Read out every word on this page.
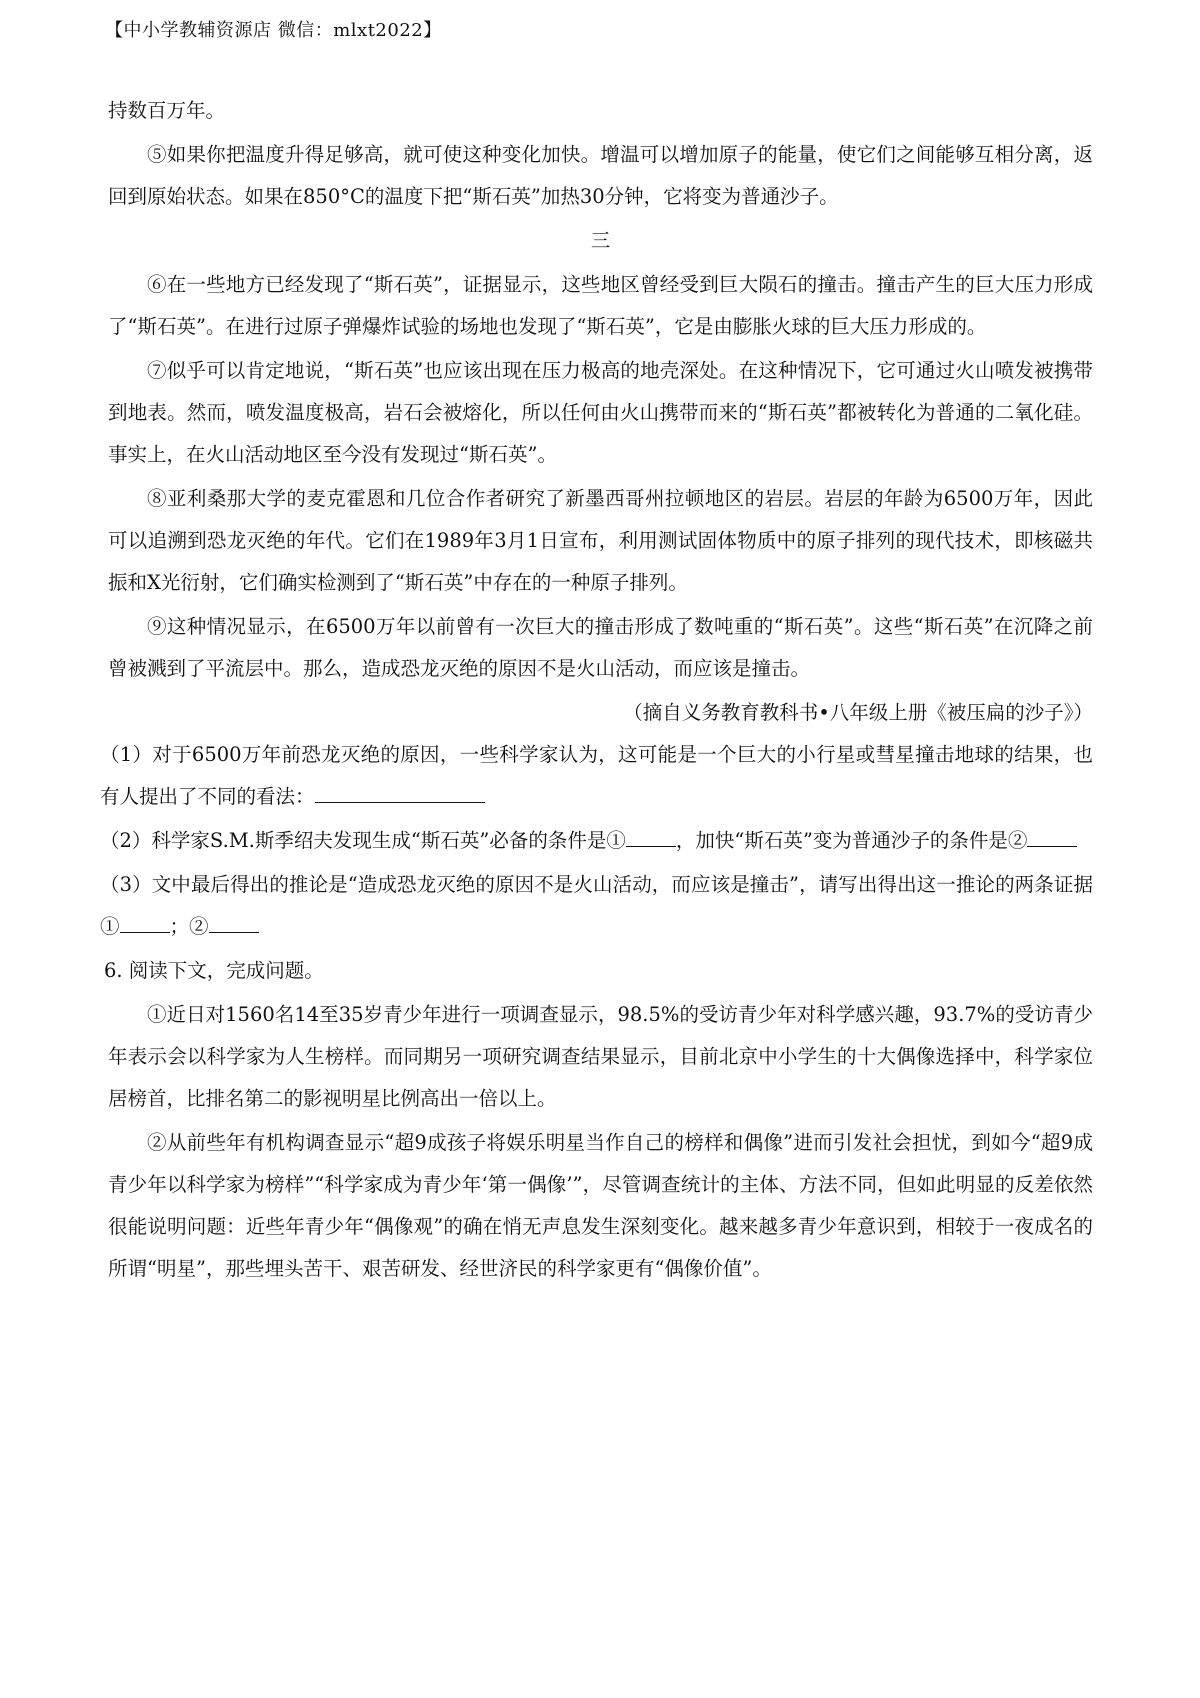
【中小学教辅资源店 微信：mlxt2022】

持数百万年。

⑤如果你把温度升得足够高，就可使这种变化加快。增温可以增加原子的能量，使它们之间能够互相分离，返回到原始状态。如果在850°C的温度下把“斯石英”加热30分钟，它将变为普通沙子。

三

⑥在一些地方已经发现了“斯石英”，证据显示，这些地区曾经受到巨大陨石的撞击。撞击产生的巨大压力形成了“斯石英”。在进行过原子弹爆炸试验的场地也发现了“斯石英”，它是由膨胀火球的巨大压力形成的。

⑦似乎可以肯定地说，“斯石英”也应该出现在压力极高的地壳深处。在这种情况下，它可通过火山喷发被携带到地表。然而，喷发温度极高，岩石会被熔化，所以任何由火山携带而来的“斯石英”都被转化为普通的二氧化硅。事实上，在火山活动地区至今没有发现过“斯石英”。

⑧亚利桑那大学的麦克霍恩和几位合作者研究了新墨西哥州拉顿地区的岩层。岩层的年龄为6500万年，因此可以追溯到恐龙灭绝的年代。它们在1989年3月1日宣布，利用测试固体物质中的原子排列的现代技术，即核磁共振和X光衍射，它们确实检测到了“斯石英”中存在的一种原子排列。

⑨这种情况显示，在6500万年以前曾有一次巨大的撞击形成了数吨重的“斯石英”。这些“斯石英”在沉降之前曾被溅到了平流层中。那么，造成恐龙灭绝的原因不是火山活动，而应该是撞击。

（摘自义务教育教科书•八年级上册《被压扁的沙子》）

（1）对于6500万年前恐龙灭绝的原因，一些科学家认为，这可能是一个巨大的小行星或彗星撞击地球的结果，也有人提出了不同的看法：

（2）科学家S.M.斯季绍夫发现生成“斯石英”必备的条件是①	，加快“斯石英”变为普通沙子的条件是②

（3）文中最后得出的推论是“造成恐龙灭绝的原因不是火山活动，而应该是撞击”，请写出得出这一推论的两条证据①	；②

6. 阅读下文，完成问题。

①近日对1560名14至35岁青少年进行一项调查显示，98.5%的受访青少年对科学感兴趣，93.7%的受访青少年表示会以科学家为人生榜样。而同期另一项研究调查结果显示，目前北京中小学生的十大偶像选择中，科学家位居榜首，比排名第二的影视明星比例高出一倍以上。

②从前些年有机构调查显示“超9成孩子将娱乐明星当作自己的榜样和偶像”进而引发社会担忧，到如今“超9成青少年以科学家为榜样”“科学家成为青少年‘第一偶像’”，尽管调查统计的主体、方法不同，但如此明显的反差依然很能说明问题：近些年青少年“偶像观”的确在悄无声息发生深刻变化。越来越多青少年意识到，相较于一夜成名的所谓“明星”，那些埋头苦干、艰苦研发、经世济民的科学家更有“偶像价值”。
